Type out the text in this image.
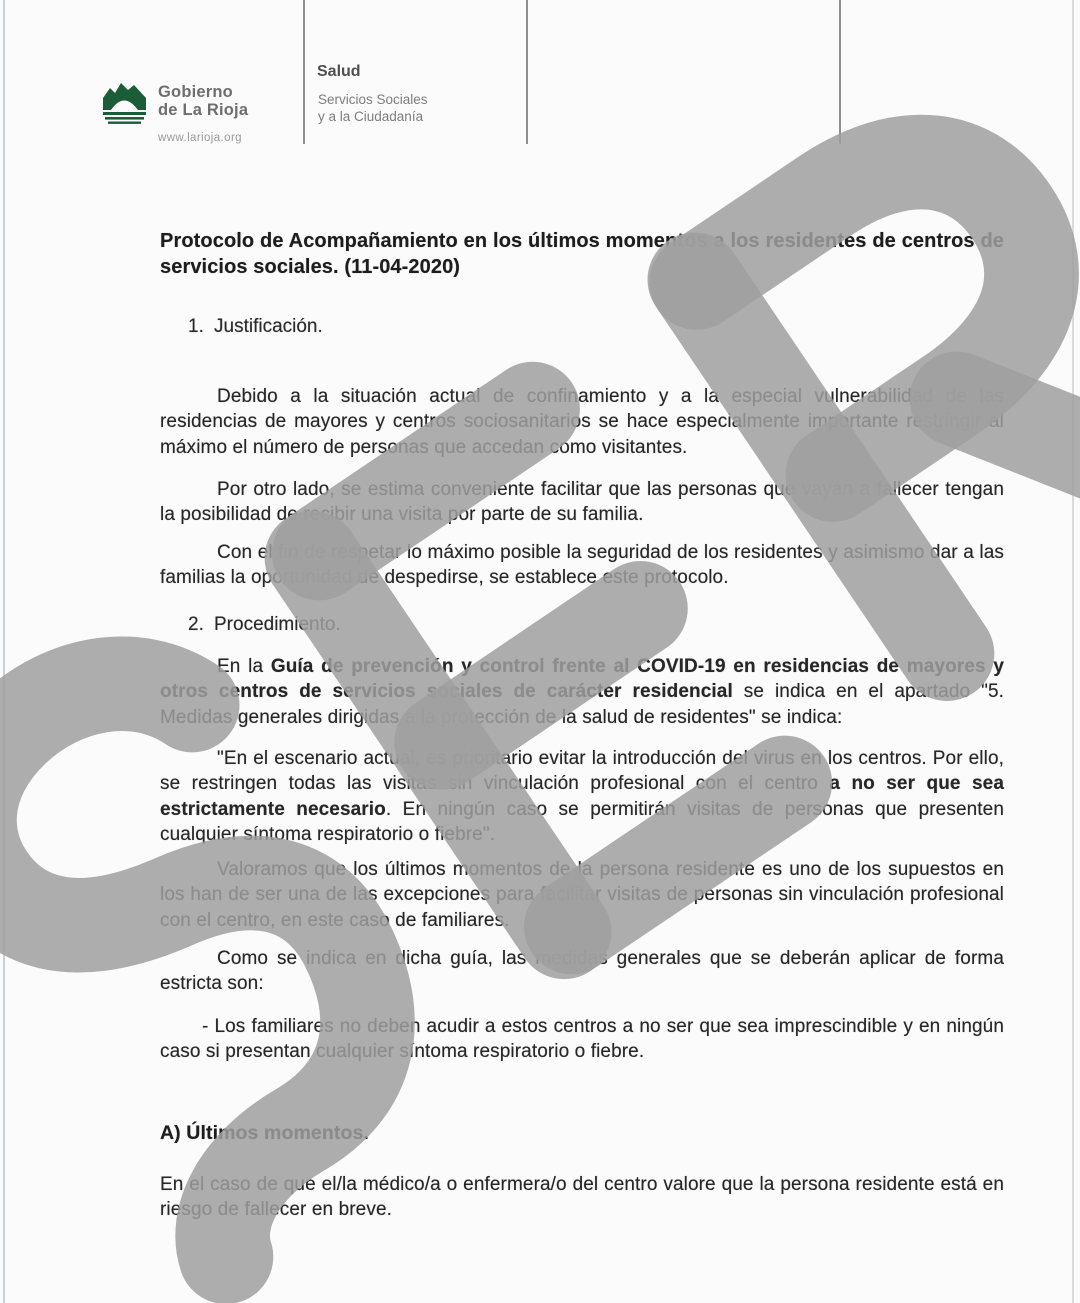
Gobierno
de La Rioja
www.larioja.org
Salud
Servicios Sociales
y a la Ciudadanía
Protocolo de Acompañamiento en los últimos momentos a los residentes de centros de
servicios sociales. (11-04-2020)
1. Justificación.
Debido a la situación actual de confinamiento y a la especial vulnerabilidad de las residencias de mayores y centros sociosanitarios se hace especialmente importante restringir al máximo el número de personas que accedan como visitantes.
Por otro lado, se estima conveniente facilitar que las personas que vayan a fallecer tengan la posibilidad de recibir una visita por parte de su familia.
Con el fin de respetar lo máximo posible la seguridad de los residentes y asimismo dar a las familias la oportunidad de despedirse, se establece este protocolo.
2. Procedimiento.
En la Guía de prevención y control frente al COVID-19 en residencias de mayores y otros centros de servicios sociales de carácter residencial se indica en el apartado "5. Medidas generales dirigidas a la protección de la salud de residentes" se indica:
"En el escenario actual, es prioritario evitar la introducción del virus en los centros. Por ello, se restringen todas las visitas sin vinculación profesional con el centro a no ser que sea estrictamente necesario. En ningún caso se permitirán visitas de personas que presenten cualquier síntoma respiratorio o fiebre".
Valoramos que los últimos momentos de la persona residente es uno de los supuestos en los han de ser una de las excepciones para facilitar visitas de personas sin vinculación profesional con el centro, en este caso de familiares.
Como se indica en dicha guía, las medidas generales que se deberán aplicar de forma estricta son:
- Los familiares no deben acudir a estos centros a no ser que sea imprescindible y en ningún caso si presentan cualquier síntoma respiratorio o fiebre.
A) Últimos momentos.
En el caso de que el/la médico/a o enfermera/o del centro valore que la persona residente está en riesgo de fallecer en breve.
